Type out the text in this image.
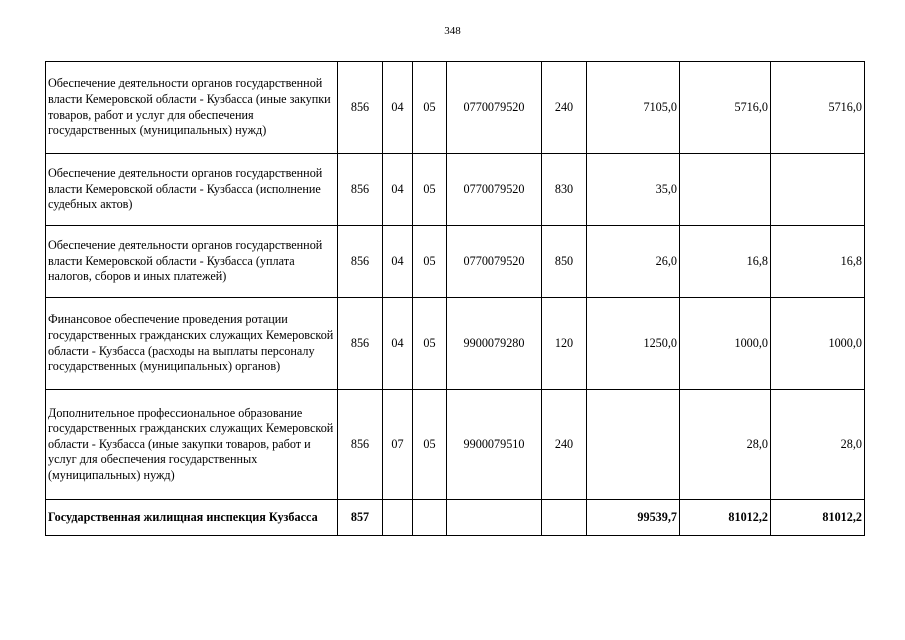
348
Обеспечение деятельности органов государственной власти Кемеровской области - Кузбасса (иные закупки товаров, работ и услуг для обеспечения государственных (муниципальных) нужд)	856	04	05	0770079520	240	7105,0	5716,0	5716,0
Обеспечение деятельности органов государственной власти Кемеровской области - Кузбасса (исполнение судебных актов)	856	04	05	0770079520	830	35,0		
Обеспечение деятельности органов государственной власти Кемеровской области - Кузбасса (уплата налогов, сборов и иных платежей)	856	04	05	0770079520	850	26,0	16,8	16,8
Финансовое обеспечение проведения ротации государственных гражданских служащих Кемеровской области - Кузбасса (расходы на выплаты персоналу государственных (муниципальных) органов)	856	04	05	9900079280	120	1250,0	1000,0	1000,0
Дополнительное профессиональное образование государственных гражданских служащих Кемеровской области - Кузбасса (иные закупки товаров, работ и услуг для обеспечения государственных (муниципальных) нужд)	856	07	05	9900079510	240		28,0	28,0
Государственная жилищная инспекция Кузбасса	857					99539,7	81012,2	81012,2
